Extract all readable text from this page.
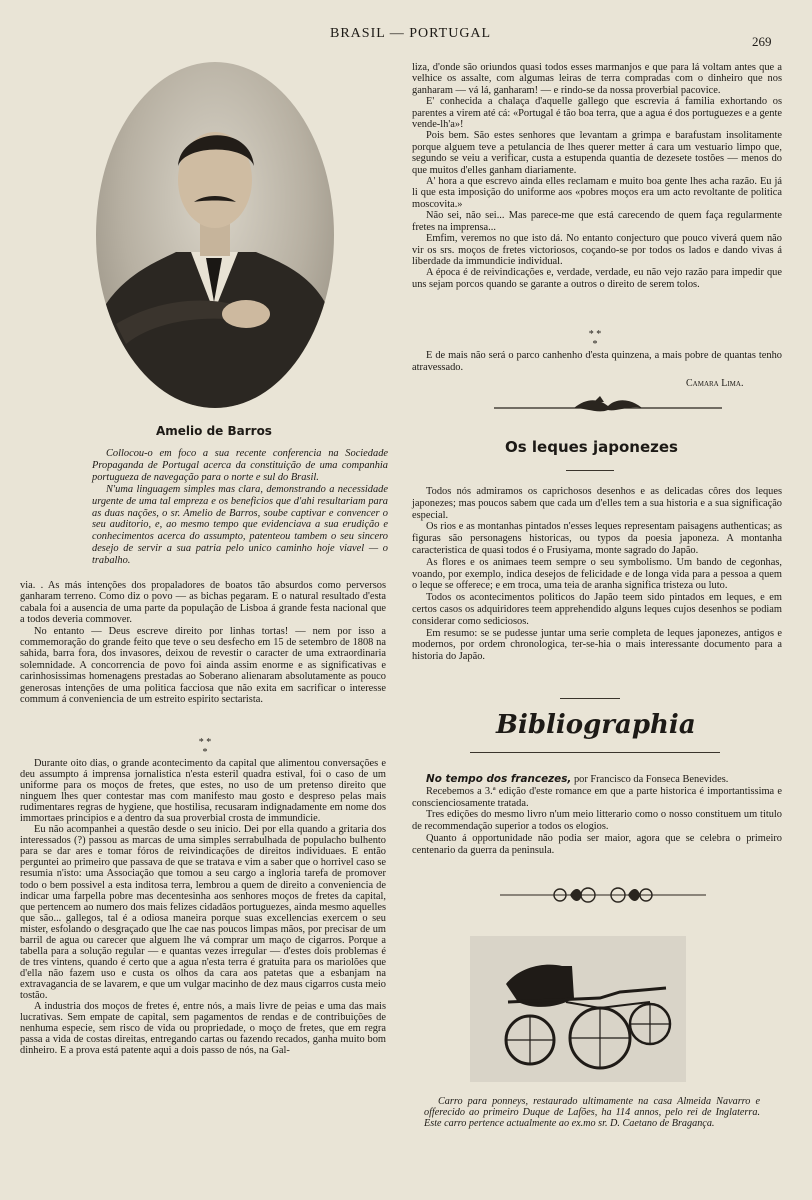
BRASIL — PORTUGAL
269
Amelio de Barros

Collocou-o em foco a sua recente conferencia na Sociedade Propaganda de Portugal acerca da constituição de uma companhia portugueza de navegação para o norte e sul do Brasil.

N'uma linguagem simples mas clara, demonstrando a necessidade urgente de uma tal empreza e os beneficios que d'ahi resultariam para as duas nações, o sr. Amelio de Barros, soube captivar e convencer o seu auditorio, e, ao mesmo tempo que evidenciava a sua erudição e conhecimentos acerca do assumpto, patenteou tambem o seu sincero desejo de servir a sua patria pelo unico caminho hoje viavel — o trabalho.

via. . As más intenções dos propaladores de boatos tão absurdos como perversos ganharam terreno. Como diz o povo — as bichas pegaram. E o natural resultado d'esta cabala foi a ausencia de uma parte da população de Lisboa á grande festa nacional que a todos deveria commover.

No entanto — Deus escreve direito por linhas tortas! — nem por isso a commemoração do grande feito que teve o seu desfecho em 15 de setembro de 1808 na sahida, barra fora, dos invasores, deixou de revestir o caracter de uma extraordinaria solemnidade. A concorrencia de povo foi ainda assim enorme e as significativas e carinhosissimas homenagens prestadas ao Soberano alienaram absolutamente as pouco generosas intenções de uma politica facciosa que não exita em sacrificar o interesse commum á conveniencia de um estreito espirito sectarista.

* *
*

Durante oito dias, o grande acontecimento da capital que alimentou conversações e deu assumpto á imprensa jornalistica n'esta esteril quadra estival, foi o caso de um uniforme para os moços de fretes, que estes, no uso de um pretenso direito que ninguem lhes quer contestar mas com manifesto mau gosto e despreso pelas mais rudimentares regras de hygiene, que hostilisa, recusaram indignadamente em nome dos immortaes principios e a dentro da sua proverbial crosta de immundicie.

Eu não acompanhei a questão desde o seu inicio. Dei por ella quando a gritaria dos interessados (?) passou as marcas de uma simples serrabulhada de populacho bulhento para se dar ares e tomar fóros de reivindicações de direitos individuaes. E então perguntei ao primeiro que passava de que se tratava e vim a saber que o horrivel caso se resumia n'isto: uma Associação que tomou a seu cargo a ingloria tarefa de promover todo o bem possivel a esta inditosa terra, lembrou a quem de direito a conveniencia de indicar uma farpella pobre mas decentesinha aos senhores moços de fretes da capital, que pertencem ao numero dos mais felizes cidadãos portuguezes, ainda mesmo aquelles que são... gallegos, tal é a odiosa maneira porque suas excellencias exercem o seu mister, esfolando o desgraçado que lhe cae nas poucos limpas mãos, por precisar de um barril de agua ou carecer que alguem lhe vá comprar um maço de cigarros. Porque a tabella para a solução regular — e quantas vezes irregular — d'estes dois problemas é de tres vintens, quando é certo que a agua n'esta terra é gratuita para os mariolões que d'ella não fazem uso e custa os olhos da cara aos patetas que a esbanjam na extravagancia de se lavarem, e que um vulgar macinho de dez maus cigarros custa meio tostão.

A industria dos moços de fretes é, entre nós, a mais livre de peias e uma das mais lucrativas. Sem empate de capital, sem pagamentos de rendas e de contribuições de nenhuma especie, sem risco de vida ou propriedade, o moço de fretes, que em regra passa a vida de costas direitas, entregando cartas ou fazendo recados, ganha muito bom dinheiro. E a prova está patente aqui a dois passo de nós, na Gal-

liza, d'onde são oriundos quasi todos esses marmanjos e que para lá voltam antes que a velhice os assalte, com algumas leiras de terra compradas com o dinheiro que nos ganharam — vá lá, ganharam! — e rindo-se da nossa proverbial pacovice.

E' conhecida a chalaça d'aquelle gallego que escrevia á familia exhortando os parentes a virem até cá: «Portugal é tão boa terra, que a agua é dos portuguezes e a gente vende-lh'a»!

Pois bem. São estes senhores que levantam a grimpa e barafustam insolitamente porque alguem teve a petulancia de lhes querer metter á cara um vestuario limpo que, segundo se veiu a verificar, custa a estupenda quantia de dezesete tostões — menos do que muitos d'elles ganham diariamente.

A' hora a que escrevo ainda elles reclamam e muito boa gente lhes acha razão. Eu já li que esta imposição do uniforme aos «pobres moços era um acto revoltante de politica moscovita.»

Não sei, não sei... Mas parece-me que está carecendo de quem faça regularmente fretes na imprensa...

Emfim, veremos no que isto dá. No entanto conjecturo que pouco viverá quem não vir os srs. moços de fretes victoriosos, coçando-se por todos os lados e dando vivas á liberdade da immundicie individual.

A época é de reivindicações e, verdade, verdade, eu não vejo razão para impedir que uns sejam porcos quando se garante a outros o direito de serem tolos.

* *
*

E de mais não será o parco canhenho d'esta quinzena, a mais pobre de quantas tenho atravessado.

Camara Lima.
Os leques japonezes

Todos nós admiramos os caprichosos desenhos e as delicadas côres dos leques japonezes; mas poucos sabem que cada um d'elles tem a sua historia e a sua significação especial.

Os rios e as montanhas pintados n'esses leques representam paisagens authenticas; as figuras são personagens historicas, ou typos da poesia japoneza. A montanha caracteristica de quasi todos é o Frusiyama, monte sagrado do Japão.

As flores e os animaes teem sempre o seu symbolismo. Um bando de cegonhas, voando, por exemplo, indica desejos de felicidade e de longa vida para a pessoa a quem o leque se offerece; e em troca, uma teia de aranha significa tristeza ou luto.

Todos os acontecimentos politicos do Japão teem sido pintados em leques, e em certos casos os adquiridores teem apprehendido alguns leques cujos desenhos se podiam considerar como sediciosos.

Em resumo: se se pudesse juntar uma serie completa de leques japonezes, antigos e modernos, por ordem chronologica, ter-se-hia o mais interessante documento para a historia do Japão.

Bibliographia

No tempo dos francezes, por Francisco da Fonseca Benevides.

Recebemos a 3.ª edição d'este romance em que a parte historica é importantissima e conscienciosamente tratada.

Tres edições do mesmo livro n'um meio litterario como o nosso constituem um titulo de recommendação superior a todos os elogios.

Quanto á opportunidade não podia ser maior, agora que se celebra o primeiro centenario da guerra da peninsula.

Carro para ponneys, restaurado ultimamente na casa Almeida Navarro e offerecido ao primeiro Duque de Lafões, ha 114 annos, pelo rei de Inglaterra. Este carro pertence actualmente ao ex.mo sr. D. Caetano de Bragança.
